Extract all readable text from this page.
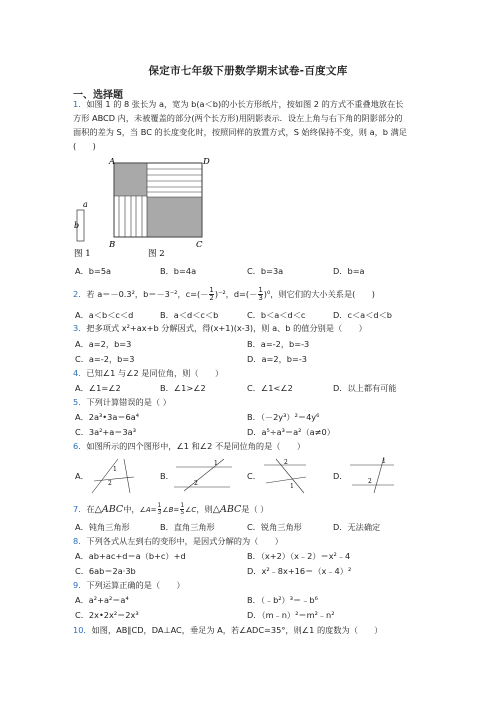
保定市七年级下册数学期末试卷-百度文库
一、选择题
1．如图 1 的 8 张长为 a，宽为 b(a＜b)的小长方形纸片，按如图 2 的方式不重叠地放在长
方形 ABCD 内，未被覆盖的部分(两个长方形)用阴影表示．设左上角与右下角的阴影部分的
面积的差为 S，当 BC 的长度变化时，按照同样的放置方式，S 始终保持不变，则 a，b 满足
(　　)
a
b
A	D
B	C
图 1	图 2
A．b=5a	B．b=4a	C．b=3a	D．b=a
2．若 a＝－0.3²，b＝－3⁻²，$c=(- \frac{1}{2} )^{-2}$，$d=(- \frac{1}{3} )^0$，则它们的大小关系是(　　)
A．a＜b＜c＜d	B．a＜d＜c＜b	C．b＜a＜d＜c	D．c＜a＜d＜b
3．把多项式 x²+ax+b 分解因式，得(x+1)(x-3)，则 a、b 的值分别是（　　）
A．a=2，b=3	B．a=-2，b=-3
C．a=-2，b=3	D．a=2，b=-3
4．已知∠1 与∠2 是同位角，则（　　）
A．∠1=∠2	B．∠1>∠2	C．∠1<∠2	D．以上都有可能
5．下列计算错误的是（ ）
A．2a³•3a＝6a⁴	B．（－2y³）²＝4y⁶
C．3a²+a＝3a³	D．a⁵÷a³＝a²（a≠0）
6．如图所示的四个图形中，∠1 和∠2 不是同位角的是（　　）
A．
1
2
B．
1
2
C．
2
1
D．
1
2
7．在△ABC中，∠A= $\frac{1}{3}$ ∠B= $\frac{1}{5}$ ∠C，则△ABC是（ ）
A．钝角三角形	B．直角三角形	C．锐角三角形	D．无法确定
8．下列各式从左到右的变形中，是因式分解的为（　　）
A．ab+ac+d＝a（b+c）+d	B．（x+2）（x﹣2）＝x²﹣4
C．6ab＝2a·3b	D．x²﹣8x+16＝（x﹣4）²
9．下列运算正确的是（　　）
A．a²+a²＝a⁴	B．（﹣b²）³＝﹣b⁶
C．2x•2x²＝2x³	D．（m﹣n）²＝m²﹣n²
10．如图，AB∥CD，DA⊥AC，垂足为 A，若∠ADC=35°，则∠1 的度数为（　　）
